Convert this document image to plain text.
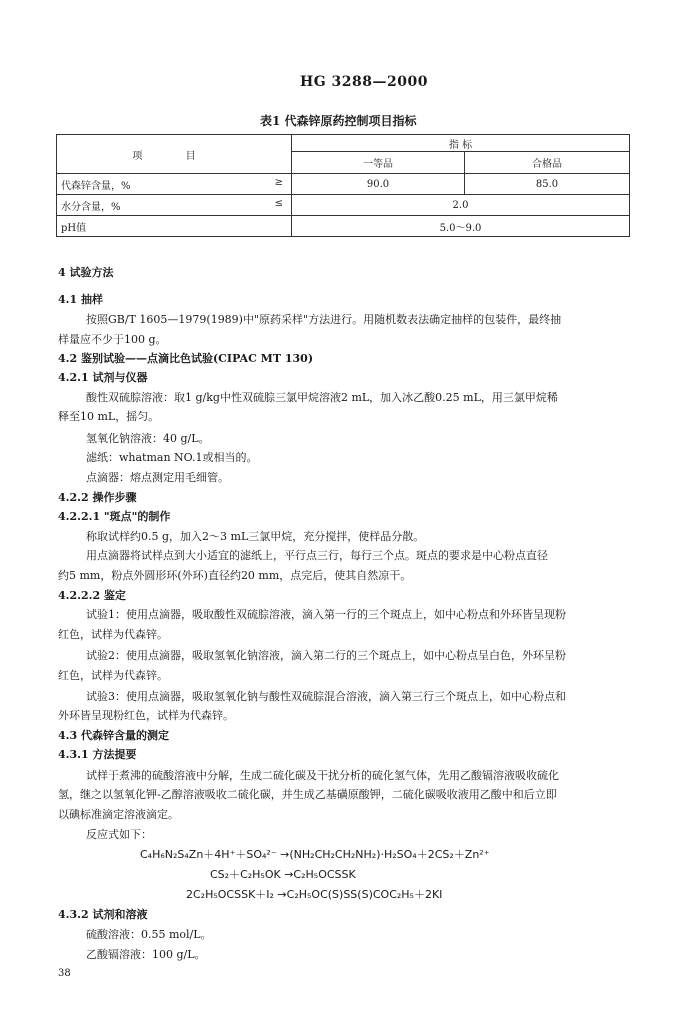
HG 3288—2000
表1 代森锌原药控制项目指标
项 目	指 标	
	一等品	合格品
代森锌含量，% ≥	90.0	85.0
水分含量，% ≤	2.0	
pH值	5.0～9.0	
4 试验方法
4.1 抽样
按照GB/T 1605—1979(1989)中"原药采样"方法进行。用随机数表法确定抽样的包装件，最终抽
样量应不少于100 g。
4.2 鉴别试验——点滴比色试验(CIPAC MT 130)
4.2.1 试剂与仪器
酸性双硫腙溶液：取1 g/kg中性双硫腙三氯甲烷溶液2 mL，加入冰乙酸0.25 mL，用三氯甲烷稀
释至10 mL，摇匀。
氢氧化钠溶液：40 g/L。
滤纸：whatman NO.1或相当的。
点滴器：熔点测定用毛细管。
4.2.2 操作步骤
4.2.2.1 "斑点"的制作
称取试样约0.5 g，加入2～3 mL三氯甲烷，充分搅拌，使样品分散。
用点滴器将试样点到大小适宜的滤纸上，平行点三行，每行三个点。斑点的要求是中心粉点直径
约5 mm，粉点外圆形环(外环)直径约20 mm，点完后，使其自然凉干。
4.2.2.2 鉴定
试验1：使用点滴器，吸取酸性双硫腙溶液，滴入第一行的三个斑点上，如中心粉点和外环皆呈现粉
红色，试样为代森锌。
试验2：使用点滴器，吸取氢氧化钠溶液，滴入第二行的三个斑点上，如中心粉点呈白色，外环呈粉
红色，试样为代森锌。
试验3：使用点滴器，吸取氢氧化钠与酸性双硫腙混合溶液，滴入第三行三个斑点上，如中心粉点和
外环皆呈现粉红色，试样为代森锌。
4.3 代森锌含量的测定
4.3.1 方法提要
试样于煮沸的硫酸溶液中分解，生成二硫化碳及干扰分析的硫化氢气体，先用乙酸镉溶液吸收硫化
氢，继之以氢氧化钾-乙醇溶液吸收二硫化碳，并生成乙基磺原酸钾，二硫化碳吸收液用乙酸中和后立即
以碘标准滴定溶液滴定。
反应式如下：
C₄H₆N₂S₄Zn＋4H⁺＋SO₄²⁻ →(NH₂CH₂CH₂NH₂)·H₂SO₄＋2CS₂＋Zn²⁺
CS₂＋C₂H₅OK →C₂H₅OCSSK
2C₂H₅OCSSK＋I₂ →C₂H₅OC(S)SS(S)COC₂H₅＋2KI
4.3.2 试剂和溶液
硫酸溶液：0.55 mol/L。
乙酸镉溶液：100 g/L。
38
